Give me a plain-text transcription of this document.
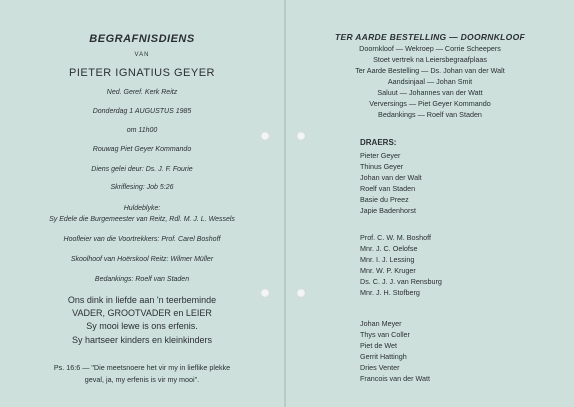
BEGRAFNISDIENS
VAN
PIETER IGNATIUS GEYER
Ned. Geref. Kerk Reitz
Donderdag 1 AUGUSTUS 1985
om 11h00
Rouwag Piet Geyer Kommando
Diens gelei deur: Ds. J. F. Fourie
Skriflesing: Job 5:26
Huldeblyke:
Sy Edele die Burgemeester van Reitz, Rdl. M. J. L. Wessels
Hoofleier van die Voortrekkers: Prof. Carel Boshoff
Skoolhoof van Hoërskool Reitz: Wilmer Müller
Bedankings: Roelf van Staden
Ons dink in liefde aan 'n teerbeminde
VADER, GROOTVADER en LEIER
Sy mooi lewe is ons erfenis.
Sy hartseer kinders en kleinkinders
Ps. 16:6 — "Die meetsnoere het vir my in lieflike plekke
geval, ja, my erfenis is vir my mooi".
TER AARDE BESTELLING — DOORNKLOOF
Doornkloof — Wekroep — Corrie Scheepers
Stoet vertrek na Leiersbegraafplaas
Ter Aarde Bestelling — Ds. Johan van der Walt
Aandsinjaal — Johan Smit
Saluut — Johannes van der Watt
Verversings — Piet Geyer Kommando
Bedankings — Roelf van Staden
DRAERS:
Pieter Geyer
Thinus Geyer
Johan van der Walt
Roelf van Staden
Basie du Preez
Japie Badenhorst
Prof. C. W. M. Boshoff
Mnr. J. C. Oelofse
Mnr. I. J. Lessing
Mnr. W. P. Kruger
Ds. C. J. J. van Rensburg
Mnr. J. H. Stofberg
Johan Meyer
Thys van Coller
Piet de Wet
Gerrit Hattingh
Dries Venter
Francois van der Watt
